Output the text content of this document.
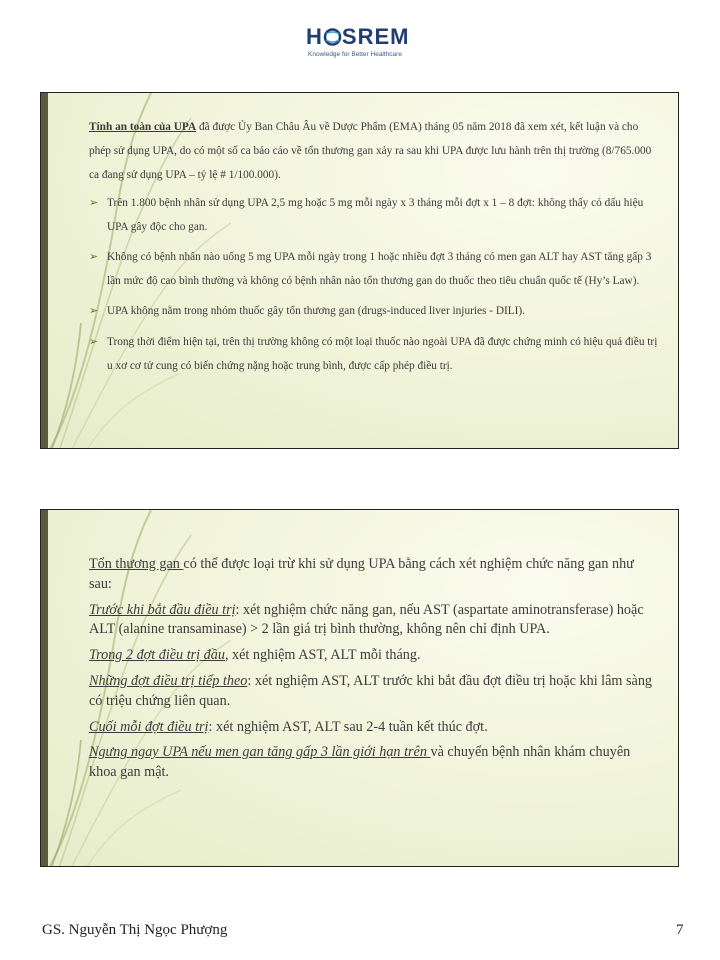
H SREM
Knowledge for Better Healthcare

Tính an toàn của UPA đã được Ủy Ban Châu Âu về Dược Phẩm (EMA) tháng 05 năm 2018 đã xem xét, kết luận và cho phép sử dụng UPA, do có một số ca báo cáo về tổn thương gan xảy ra sau khi UPA được lưu hành trên thị trường (8/765.000 ca đang sử dụng UPA – tỷ lệ # 1/100.000).

➢ Trên 1.800 bệnh nhân sử dụng UPA 2,5 mg hoặc 5 mg mỗi ngày x 3 tháng mỗi đợt x 1 – 8 đợt: không thấy có dấu hiệu UPA gây độc cho gan.
➢ Không có bệnh nhân nào uống 5 mg UPA mỗi ngày trong 1 hoặc nhiều đợt 3 tháng có men gan ALT hay AST tăng gấp 3 lần mức độ cao bình thường và không có bệnh nhân nào tổn thương gan do thuốc theo tiêu chuẩn quốc tế (Hy’s Law).
➢ UPA không nằm trong nhóm thuốc gây tổn thương gan (drugs-induced liver injuries - DILI).
➢ Trong thời điểm hiện tại, trên thị trường không có một loại thuốc nào ngoài UPA đã được chứng minh có hiệu quả điều trị u xơ cơ tử cung có biến chứng nặng hoặc trung bình, được cấp phép điều trị.

Tổn thương gan có thể được loại trừ khi sử dụng UPA bằng cách xét nghiệm chức năng gan như sau:

Trước khi bắt đầu điều trị: xét nghiệm chức năng gan, nếu AST (aspartate aminotransferase) hoặc ALT (alanine transaminase) > 2 lần giá trị bình thường, không nên chỉ định UPA.

Trong 2 đợt điều trị đầu, xét nghiệm AST, ALT mỗi tháng.

Những đợt điều trị tiếp theo: xét nghiệm AST, ALT trước khi bắt đầu đợt điều trị hoặc khi lâm sàng có triệu chứng liên quan.

Cuối mỗi đợt điều trị: xét nghiệm AST, ALT sau 2-4 tuần kết thúc đợt.

Ngưng ngay UPA nếu men gan tăng gấp 3 lần giới hạn trên và chuyển bệnh nhân khám chuyên khoa gan mật.

GS. Nguyễn Thị Ngọc Phượng	7
